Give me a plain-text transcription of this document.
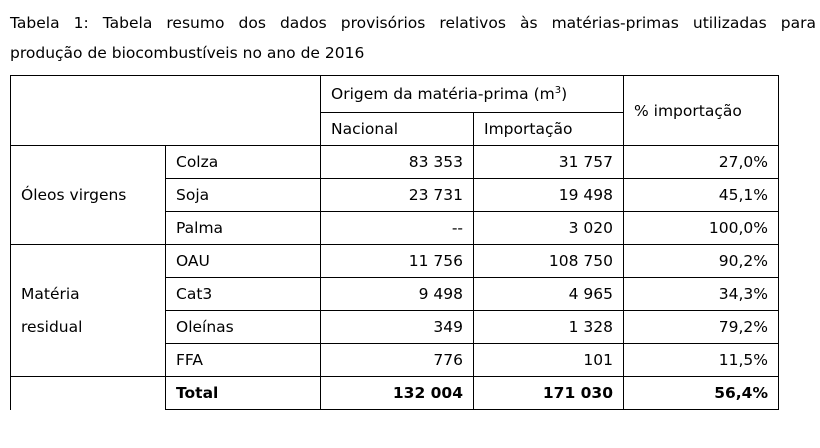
Tabela 1: Tabela resumo dos dados provisórios relativos às matérias-primas utilizadas para
produção de biocombustíveis no ano de 2016
		Origem da matéria-prima $(m^3)$		% importação
		Nacional	Importação	
Óleos virgens	Colza	83 353	31 757	27,0%
	Soja	23 731	19 498	45,1%
	Palma	--	3 020	100,0%
Matéria
residual	OAU	11 756	108 750	90,2%
	Cat3	9 498	4 965	34,3%
	Oleínas	349	1 328	79,2%
	FFA	776	101	11,5%
	Total	132 004	171 030	56,4%
